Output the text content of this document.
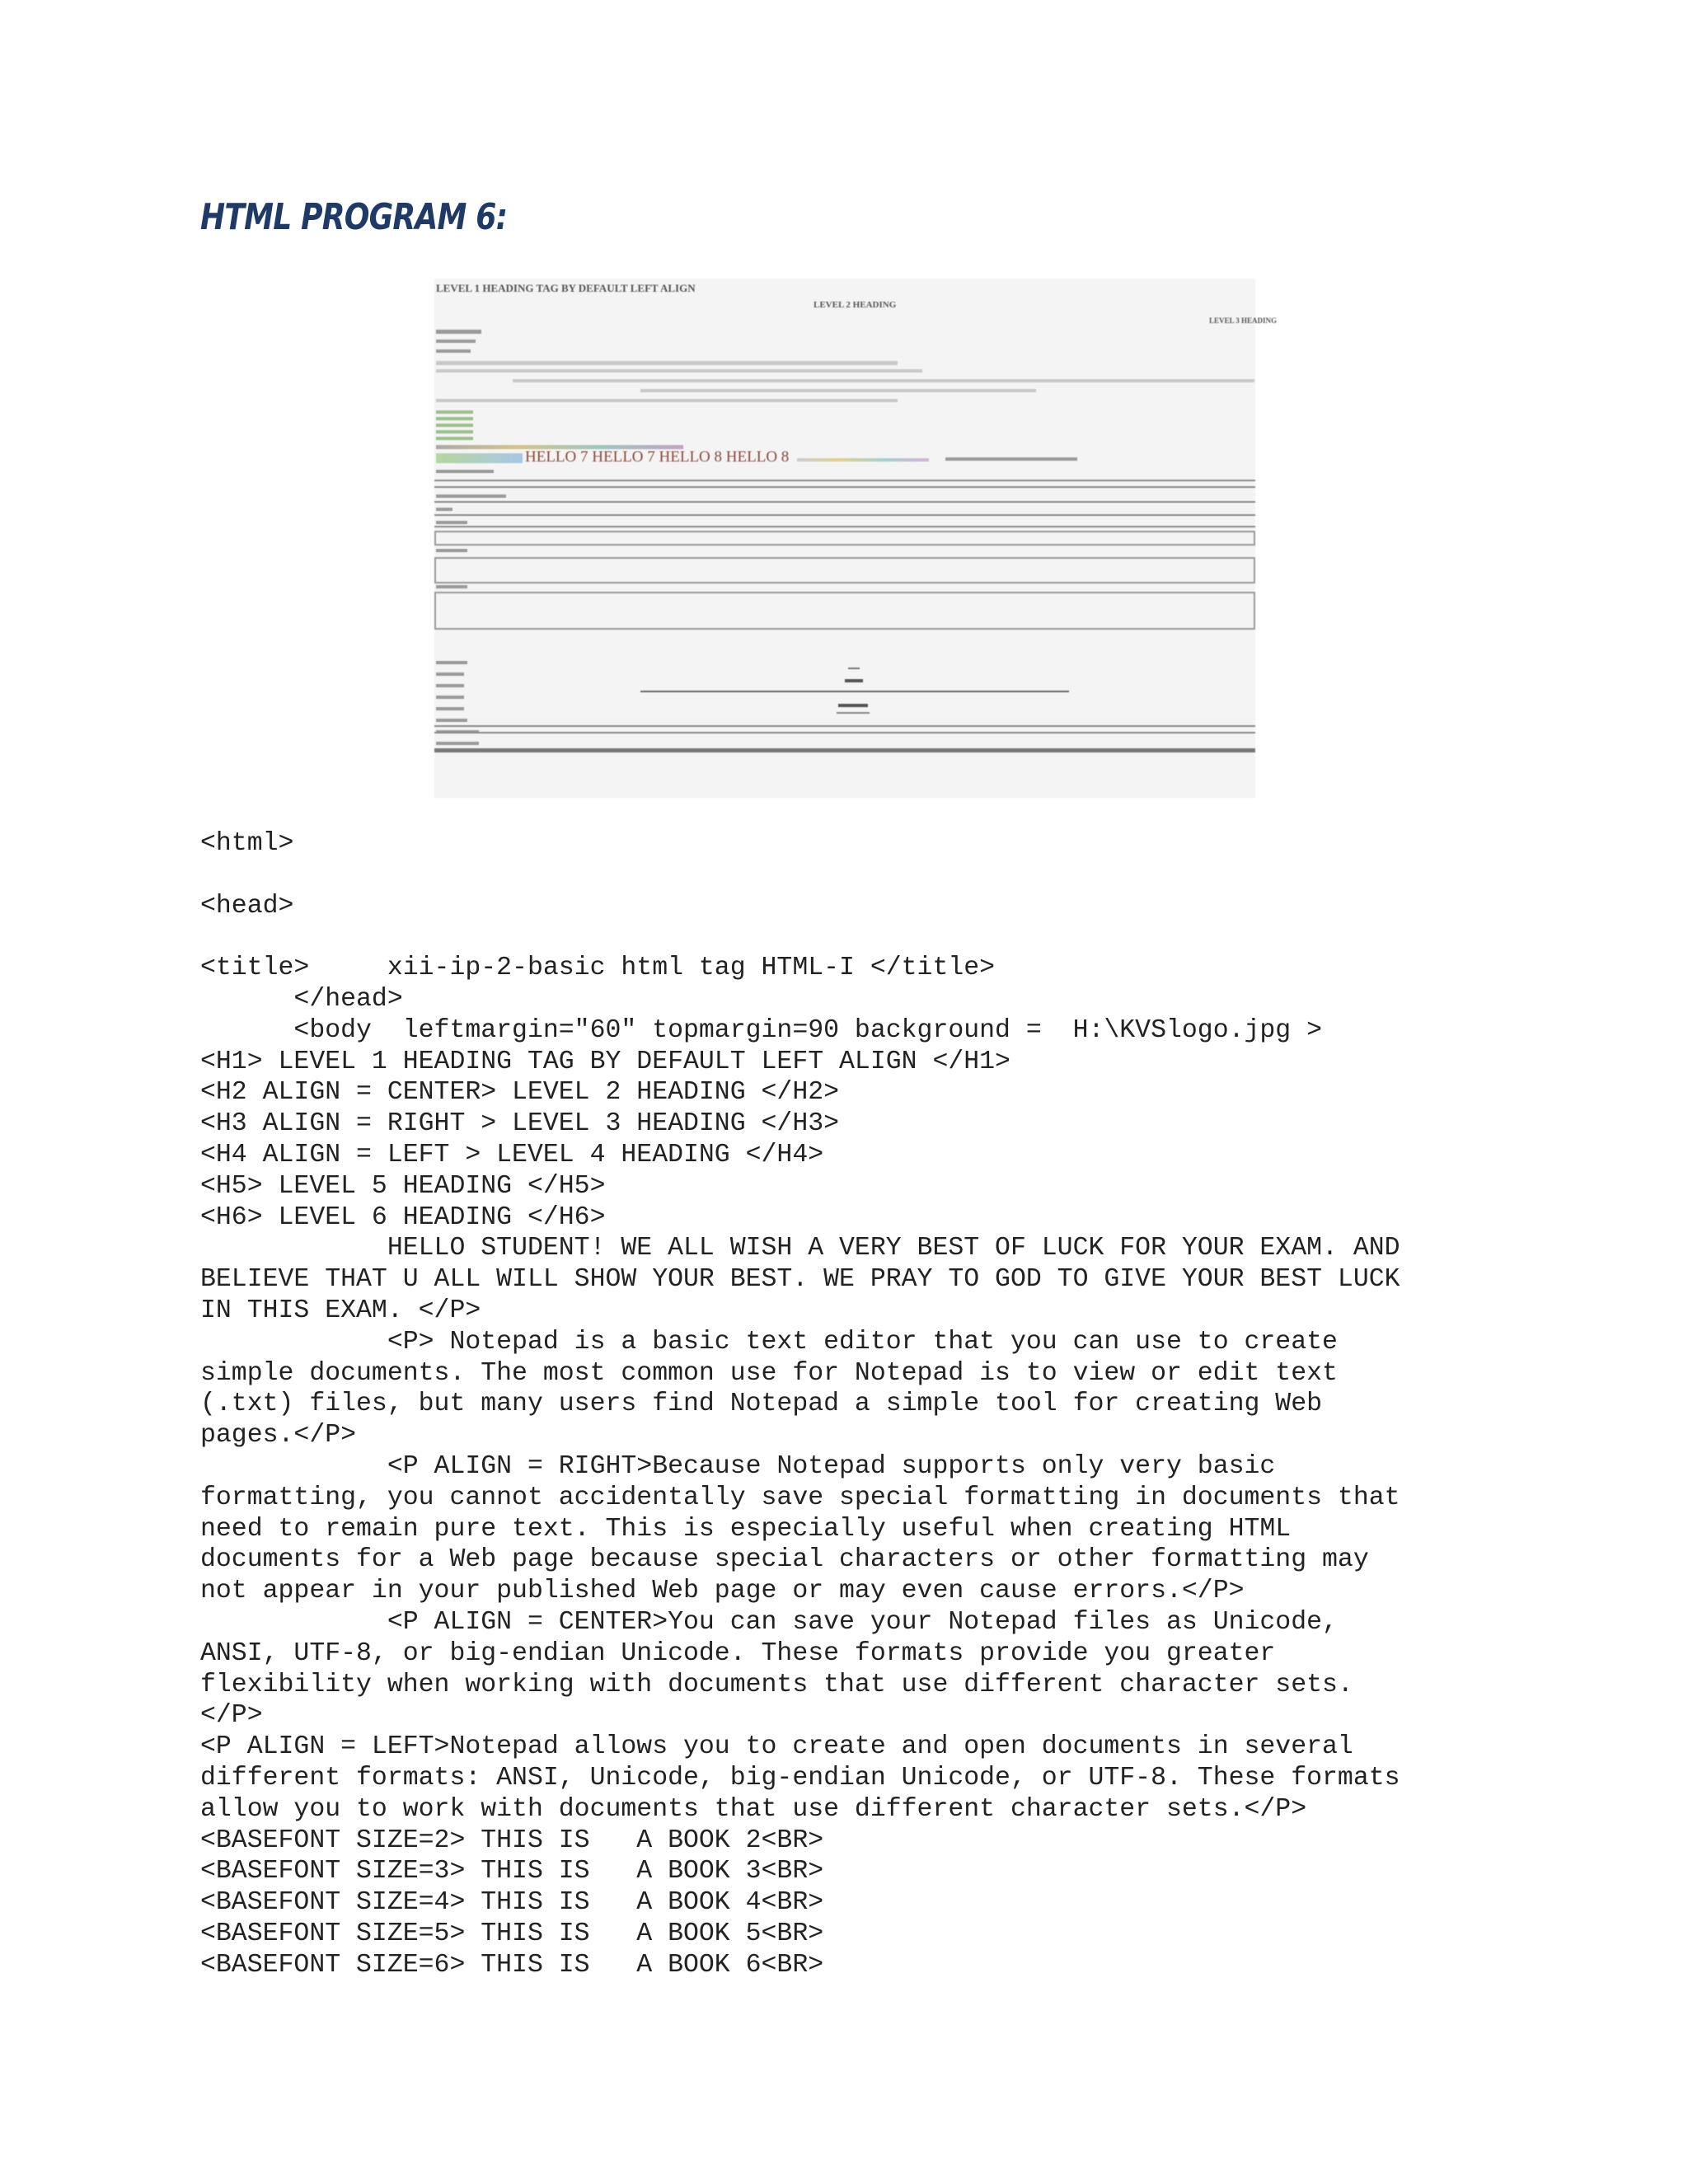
HTML PROGRAM 6:
LEVEL 1 HEADING TAG BY DEFAULT LEFT ALIGN
LEVEL 2 HEADING
LEVEL 3 HEADING
HELLO 7 HELLO 7 HELLO 8 HELLO 8
<html>

<head>

<title>     xii-ip-2-basic html tag HTML-I </title>
</head>
<body  leftmargin="60" topmargin=90 background =  H:\KVSlogo.jpg >
<H1> LEVEL 1 HEADING TAG BY DEFAULT LEFT ALIGN </H1>
<H2 ALIGN = CENTER> LEVEL 2 HEADING </H2>
<H3 ALIGN = RIGHT > LEVEL 3 HEADING </H3>
<H4 ALIGN = LEFT > LEVEL 4 HEADING </H4>
<H5> LEVEL 5 HEADING </H5>
<H6> LEVEL 6 HEADING </H6>
HELLO STUDENT! WE ALL WISH A VERY BEST OF LUCK FOR YOUR EXAM. AND
BELIEVE THAT U ALL WILL SHOW YOUR BEST. WE PRAY TO GOD TO GIVE YOUR BEST LUCK
IN THIS EXAM. </P>
<P> Notepad is a basic text editor that you can use to create
simple documents. The most common use for Notepad is to view or edit text
(.txt) files, but many users find Notepad a simple tool for creating Web
pages.</P>
<P ALIGN = RIGHT>Because Notepad supports only very basic
formatting, you cannot accidentally save special formatting in documents that
need to remain pure text. This is especially useful when creating HTML
documents for a Web page because special characters or other formatting may
not appear in your published Web page or may even cause errors.</P>
<P ALIGN = CENTER>You can save your Notepad files as Unicode,
ANSI, UTF-8, or big-endian Unicode. These formats provide you greater
flexibility when working with documents that use different character sets.
</P>
<P ALIGN = LEFT>Notepad allows you to create and open documents in several
different formats: ANSI, Unicode, big-endian Unicode, or UTF-8. These formats
allow you to work with documents that use different character sets.</P>
<BASEFONT SIZE=2> THIS IS   A BOOK 2<BR>
<BASEFONT SIZE=3> THIS IS   A BOOK 3<BR>
<BASEFONT SIZE=4> THIS IS   A BOOK 4<BR>
<BASEFONT SIZE=5> THIS IS   A BOOK 5<BR>
<BASEFONT SIZE=6> THIS IS   A BOOK 6<BR>
